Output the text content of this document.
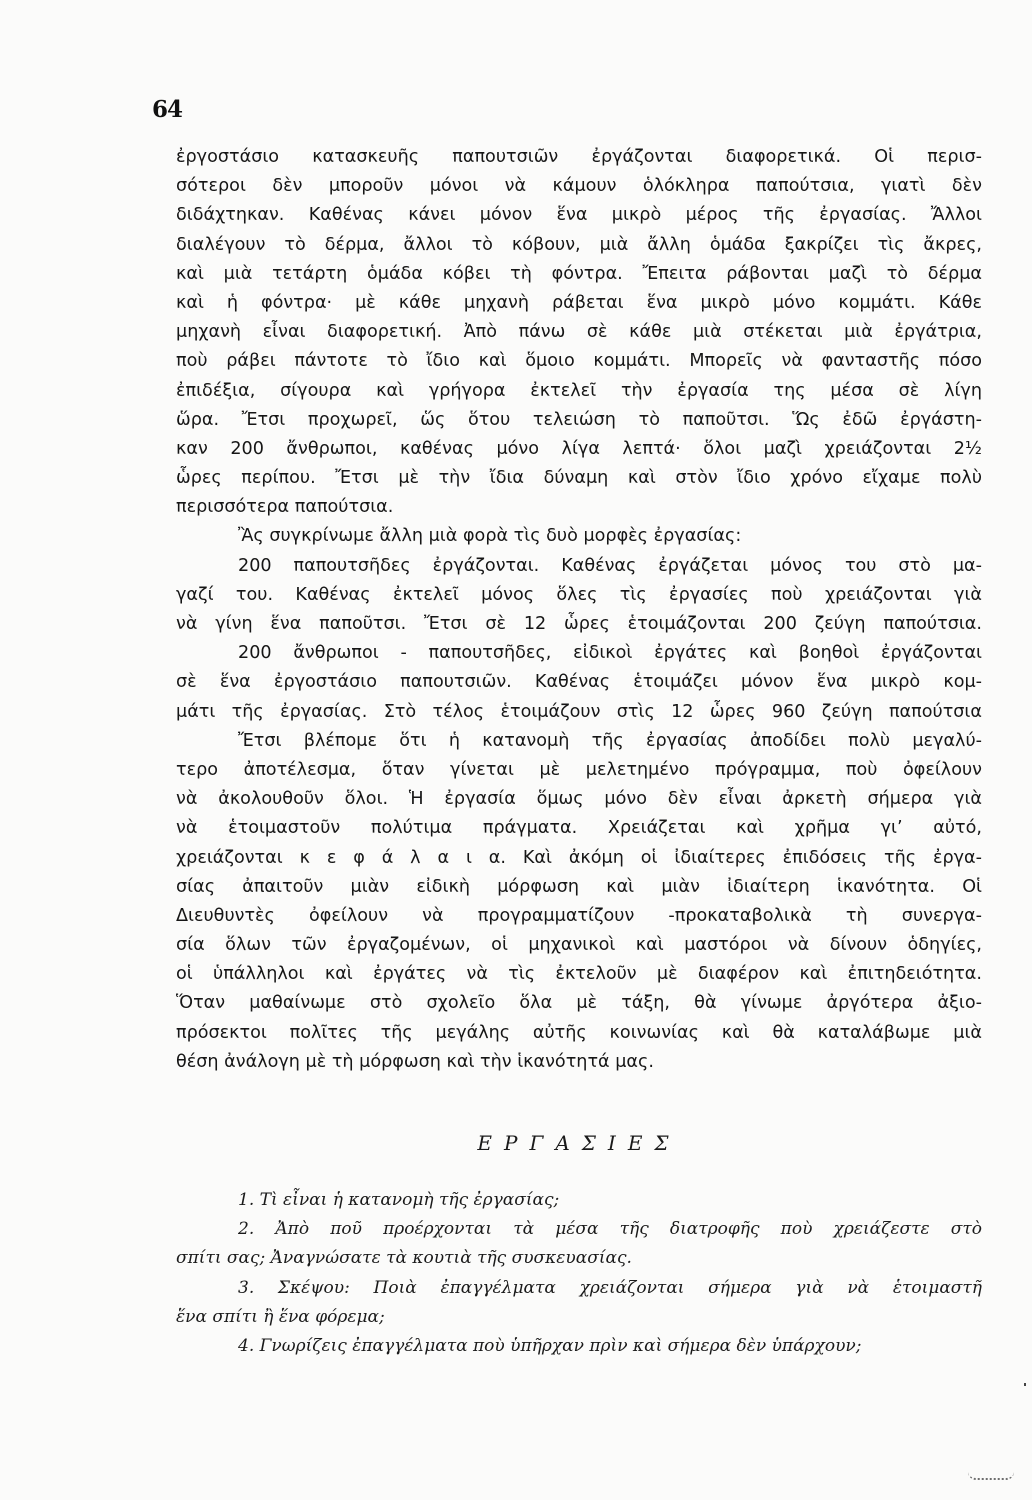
64
ἐργοστάσιο κατασκευῆς παπουτσιῶν ἐργάζονται διαφορετικά. Οἱ περισ-
σότεροι δὲν μποροῦν μόνοι νὰ κάμουν ὁλόκληρα παπούτσια, γιατὶ δὲν
διδάχτηκαν. Καθένας κάνει μόνον ἕνα μικρὸ μέρος τῆς ἐργασίας. Ἄλλοι
διαλέγουν τὸ δέρμα, ἄλλοι τὸ κόβουν, μιὰ ἄλλη ὁμάδα ξακρίζει τὶς ἄκρες,
καὶ μιὰ τετάρτη ὁμάδα κόβει τὴ φόντρα. Ἔπειτα ράβονται μαζὶ τὸ δέρμα
καὶ ἡ φόντρα· μὲ κάθε μηχανὴ ράβεται ἕνα μικρὸ μόνο κομμάτι. Κάθε
μηχανὴ εἶναι διαφορετική. Ἀπὸ πάνω σὲ κάθε μιὰ στέκεται μιὰ ἐργάτρια,
ποὺ ράβει πάντοτε τὸ ἴδιο καὶ ὅμοιο κομμάτι. Μπορεῖς νὰ φανταστῆς πόσο
ἐπιδέξια, σίγουρα καὶ γρήγορα ἐκτελεῖ τὴν ἐργασία της μέσα σὲ λίγη
ὥρα. Ἔτσι προχωρεῖ, ὥς ὅτου τελειώση τὸ παποῦτσι. Ὥς ἐδῶ ἐργάστη-
καν 200 ἄνθρωποι, καθένας μόνο λίγα λεπτά· ὅλοι μαζὶ χρειάζονται 2½
ὧρες περίπου. Ἔτσι μὲ τὴν ἴδια δύναμη καὶ στὸν ἴδιο χρόνο εἴχαμε πολὺ
περισσότερα παπούτσια.
Ἂς συγκρίνωμε ἄλλη μιὰ φορὰ τὶς δυὸ μορφὲς ἐργασίας:
200 παπουτσῆδες ἐργάζονται. Καθένας ἐργάζεται μόνος του στὸ μα-
γαζί του. Καθένας ἐκτελεῖ μόνος ὅλες τὶς ἐργασίες ποὺ χρειάζονται γιὰ
νὰ γίνη ἕνα παποῦτσι. Ἔτσι σὲ 12 ὧρες ἑτοιμάζονται 200 ζεύγη παπούτσια.
200 ἄνθρωποι - παπουτσῆδες, εἰδικοὶ ἐργάτες καὶ βοηθοὶ ἐργάζονται
σὲ ἕνα ἐργοστάσιο παπουτσιῶν. Καθένας ἑτοιμάζει μόνον ἕνα μικρὸ κομ-
μάτι τῆς ἐργασίας. Στὸ τέλος ἑτοιμάζουν στὶς 12 ὧρες 960 ζεύγη παπούτσια
Ἔτσι βλέπομε ὅτι ἡ κατανομὴ τῆς ἐργασίας ἀποδίδει πολὺ μεγαλύ-
τερο ἀποτέλεσμα, ὅταν γίνεται μὲ μελετημένο πρόγραμμα, ποὺ ὀφείλουν
νὰ ἀκολουθοῦν ὅλοι. Ἡ ἐργασία ὅμως μόνο δὲν εἶναι ἀρκετὴ σήμερα γιὰ
νὰ ἑτοιμαστοῦν πολύτιμα πράγματα. Χρειάζεται καὶ χρῆμα γι’ αὐτό,
χρειάζονται κ ε φ ά λ α ι α. Καὶ ἀκόμη οἱ ἰδιαίτερες ἐπιδόσεις τῆς ἐργα-
σίας ἀπαιτοῦν μιὰν εἰδικὴ μόρφωση καὶ μιὰν ἰδιαίτερη ἱκανότητα. Οἱ
Διευθυντὲς ὀφείλουν νὰ προγραμματίζουν -προκαταβολικὰ τὴ συνεργα-
σία ὅλων τῶν ἐργαζομένων, οἱ μηχανικοὶ καὶ μαστόροι νὰ δίνουν ὁδηγίες,
οἱ ὑπάλληλοι καὶ ἐργάτες νὰ τὶς ἐκτελοῦν μὲ διαφέρον καὶ ἐπιτηδειότητα.
Ὅταν μαθαίνωμε στὸ σχολεῖο ὅλα μὲ τάξη, θὰ γίνωμε ἀργότερα ἀξιο-
πρόσεκτοι πολῖτες τῆς μεγάλης αὐτῆς κοινωνίας καὶ θὰ καταλάβωμε μιὰ
θέση ἀνάλογη μὲ τὴ μόρφωση καὶ τὴν ἱκανότητά μας.
ΕΡΓΑΣΙΕΣ
1. Τὶ εἶναι ἡ κατανομὴ τῆς ἐργασίας;
2. Ἀπὸ ποῦ προέρχονται τὰ μέσα τῆς διατροφῆς ποὺ χρειάζεστε στὸ
σπίτι σας; Ἀναγνώσατε τὰ κουτιὰ τῆς συσκευασίας.
3. Σκέψου: Ποιὰ ἐπαγγέλματα χρειάζονται σήμερα γιὰ νὰ ἑτοιμαστῆ
ἕνα σπίτι ἢ ἕνα φόρεμα;
4. Γνωρίζεις ἐπαγγέλματα ποὺ ὑπῆρχαν πρὶν καὶ σήμερα δὲν ὑπάρχουν;
